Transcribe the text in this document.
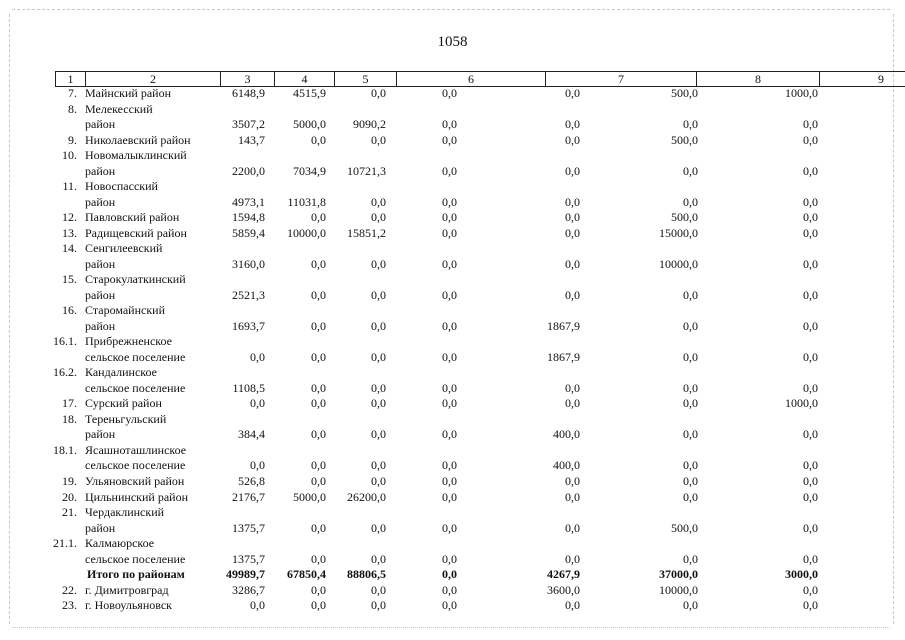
1058
1	2	3	4	5	6	7	8	9
7. Майнский район	6148,9	4515,9	0,0	0,0	0,0	500,0	1000,0
8. Мелекесский
район	3507,2	5000,0	9090,2	0,0	0,0	0,0	0,0
9. Николаевский район	143,7	0,0	0,0	0,0	0,0	500,0	0,0
10. Новомалыклинский
район	2200,0	7034,9	10721,3	0,0	0,0	0,0	0,0
11. Новоспасский
район	4973,1	11031,8	0,0	0,0	0,0	0,0	0,0
12. Павловский район	1594,8	0,0	0,0	0,0	0,0	500,0	0,0
13. Радищевский район	5859,4	10000,0	15851,2	0,0	0,0	15000,0	0,0
14. Сенгилеевский
район	3160,0	0,0	0,0	0,0	0,0	10000,0	0,0
15. Старокулаткинский
район	2521,3	0,0	0,0	0,0	0,0	0,0	0,0
16. Старомайнский
район	1693,7	0,0	0,0	0,0	1867,9	0,0	0,0
16.1. Прибрежненское
сельское поселение	0,0	0,0	0,0	0,0	1867,9	0,0	0,0
16.2. Кандалинское
сельское поселение	1108,5	0,0	0,0	0,0	0,0	0,0	0,0
17. Сурский район	0,0	0,0	0,0	0,0	0,0	0,0	1000,0
18. Тереньгульский
район	384,4	0,0	0,0	0,0	400,0	0,0	0,0
18.1. Ясашноташлинское
сельское поселение	0,0	0,0	0,0	0,0	400,0	0,0	0,0
19. Ульяновский район	526,8	0,0	0,0	0,0	0,0	0,0	0,0
20. Цильнинский район	2176,7	5000,0	26200,0	0,0	0,0	0,0	0,0
21. Чердаклинский
район	1375,7	0,0	0,0	0,0	0,0	500,0	0,0
21.1. Калмаюрское
сельское поселение	1375,7	0,0	0,0	0,0	0,0	0,0	0,0
Итого по районам	49989,7	67850,4	88806,5	0,0	4267,9	37000,0	3000,0
22. г. Димитровград	3286,7	0,0	0,0	0,0	3600,0	10000,0	0,0
23. г. Новоульяновск	0,0	0,0	0,0	0,0	0,0	0,0	0,0
